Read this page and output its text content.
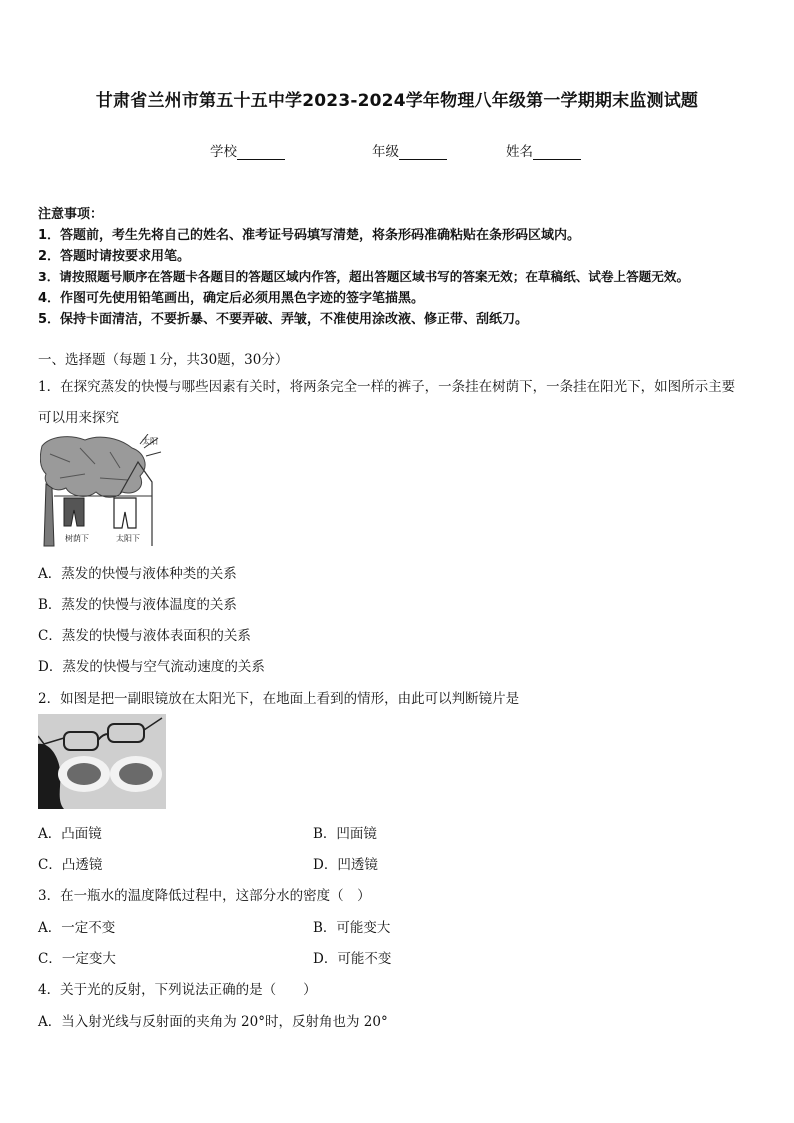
甘肃省兰州市第五十五中学2023-2024学年物理八年级第一学期期末监测试题
学校	年级	姓名
注意事项：
1．答题前，考生先将自己的姓名、准考证号码填写清楚，将条形码准确粘贴在条形码区域内。
2．答题时请按要求用笔。
3．请按照题号顺序在答题卡各题目的答题区域内作答，超出答题区域书写的答案无效；在草稿纸、试卷上答题无效。
4．作图可先使用铅笔画出，确定后必须用黑色字迹的签字笔描黑。
5．保持卡面清洁，不要折暴、不要弄破、弄皱，不准使用涂改液、修正带、刮纸刀。
一、选择题（每题１分，共30题，30分）
1．在探究蒸发的快慢与哪些因素有关时，将两条完全一样的裤子，一条挂在树荫下，一条挂在阳光下，如图所示主要
可以用来探究
树荫下	太阳下
太阳
A．蒸发的快慢与液体种类的关系
B．蒸发的快慢与液体温度的关系
C．蒸发的快慢与液体表面积的关系
D．蒸发的快慢与空气流动速度的关系
2．如图是把一副眼镜放在太阳光下，在地面上看到的情形，由此可以判断镜片是
A．凸面镜	B．凹面镜
C．凸透镜	D．凹透镜
3．在一瓶水的温度降低过程中，这部分水的密度（　）
A．一定不变	B．可能变大
C．一定变大	D．可能不变
4．关于光的反射，下列说法正确的是（　　）
A．当入射光线与反射面的夹角为 20°时，反射角也为 20°
